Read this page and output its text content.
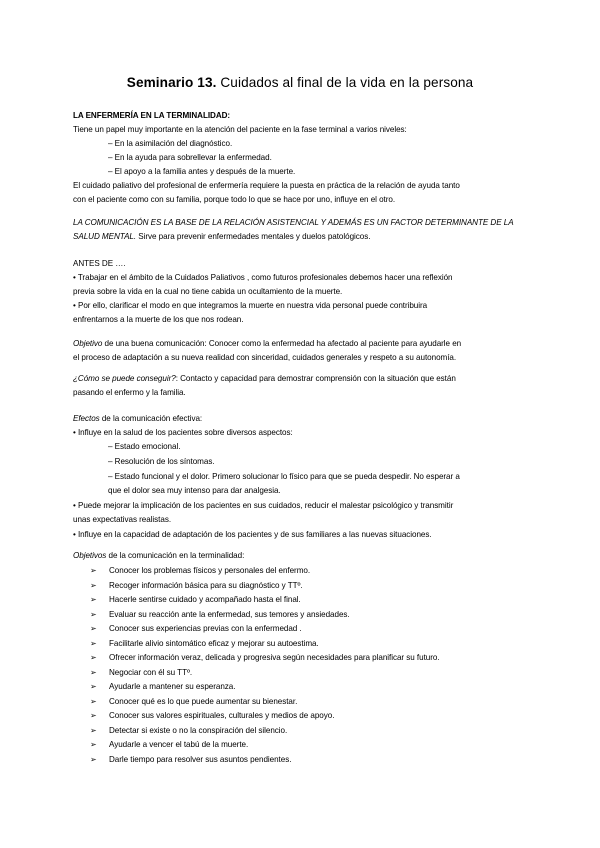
Seminario 13. Cuidados al final de la vida en la persona
LA ENFERMERÍA EN LA TERMINALIDAD:
Tiene un papel muy importante en la atención del paciente en la fase terminal a varios niveles:
– En la asimilación del diagnóstico.
– En la ayuda para sobrellevar la enfermedad.
– El apoyo a la familia antes y después de la muerte.
El cuidado paliativo del profesional de enfermería requiere la puesta en práctica de la relación de ayuda tanto
con el paciente como con su familia, porque todo lo que se hace por uno, influye en el otro.
LA COMUNICACIÓN ES LA BASE DE LA RELACIÓN ASISTENCIAL Y ADEMÁS ES UN FACTOR DETERMINANTE DE LA
SALUD MENTAL. Sirve para prevenir enfermedades mentales y duelos patológicos.
ANTES DE ….
• Trabajar en el ámbito de la Cuidados Paliativos , como futuros profesionales debemos hacer una reflexión
previa sobre la vida en la cual no tiene cabida un ocultamiento de la muerte.
• Por ello, clarificar el modo en que integramos la muerte en nuestra vida personal puede contribuira
enfrentarnos a la muerte de los que nos rodean.
Objetivo de una buena comunicación: Conocer como la enfermedad ha afectado al paciente para ayudarle en
el proceso de adaptación a su nueva realidad con sinceridad, cuidados generales y respeto a su autonomía.
¿Cómo se puede conseguir?: Contacto y capacidad para demostrar comprensión con la situación que están
pasando el enfermo y la familia.
Efectos de la comunicación efectiva:
• Influye en la salud de los pacientes sobre diversos aspectos:
– Estado emocional.
– Resolución de los síntomas.
– Estado funcional y el dolor. Primero solucionar lo físico para que se pueda despedir. No esperar a
que el dolor sea muy intenso para dar analgesia.
• Puede mejorar la implicación de los pacientes en sus cuidados, reducir el malestar psicológico y transmitir
unas expectativas realistas.
• Influye en la capacidad de adaptación de los pacientes y de sus familiares a las nuevas situaciones.
Objetivos de la comunicación en la terminalidad:
➢ Conocer los problemas físicos y personales del enfermo.
➢ Recoger información básica para su diagnóstico y TTº.
➢ Hacerle sentirse cuidado y acompañado hasta el final.
➢ Evaluar su reacción ante la enfermedad, sus temores y ansiedades.
➢ Conocer sus experiencias previas con la enfermedad .
➢ Facilitarle alivio sintomático eficaz y mejorar su autoestima.
➢ Ofrecer información veraz, delicada y progresiva según necesidades para planificar su futuro.
➢ Negociar con él su TTº.
➢ Ayudarle a mantener su esperanza.
➢ Conocer qué es lo que puede aumentar su bienestar.
➢ Conocer sus valores espirituales, culturales y medios de apoyo.
➢ Detectar si existe o no la conspiración del silencio.
➢ Ayudarle a vencer el tabú de la muerte.
➢ Darle tiempo para resolver sus asuntos pendientes.
